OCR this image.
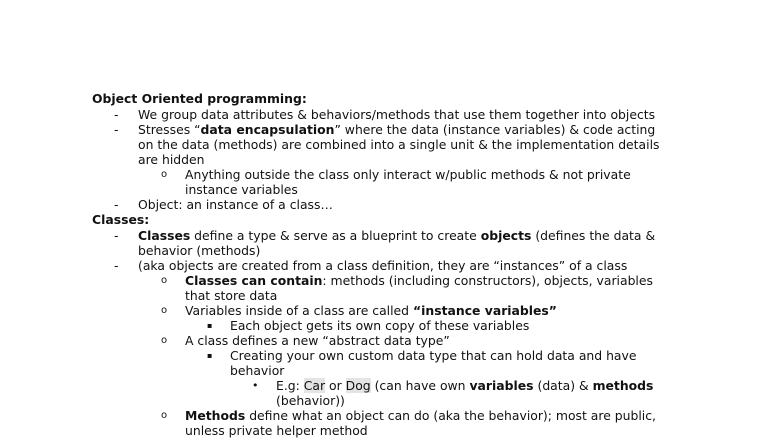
Object Oriented programming:
-	We group data attributes & behaviors/methods that use them together into objects
-	Stresses “data encapsulation” where the data (instance variables) & code acting
on the data (methods) are combined into a single unit & the implementation details
are hidden
o	Anything outside the class only interact w/public methods & not private
instance variables
-	Object: an instance of a class…
Classes:
-	Classes define a type & serve as a blueprint to create objects (defines the data &
behavior (methods)
-	(aka objects are created from a class definition, they are “instances” of a class
o	Classes can contain: methods (including constructors), objects, variables
that store data
o	Variables inside of a class are called “instance variables”
▪	Each object gets its own copy of these variables
o	A class defines a new “abstract data type”
▪	Creating your own custom data type that can hold data and have
behavior
•	E.g: Car or Dog (can have own variables (data) & methods
(behavior))
o	Methods define what an object can do (aka the behavior); most are public,
unless private helper method
